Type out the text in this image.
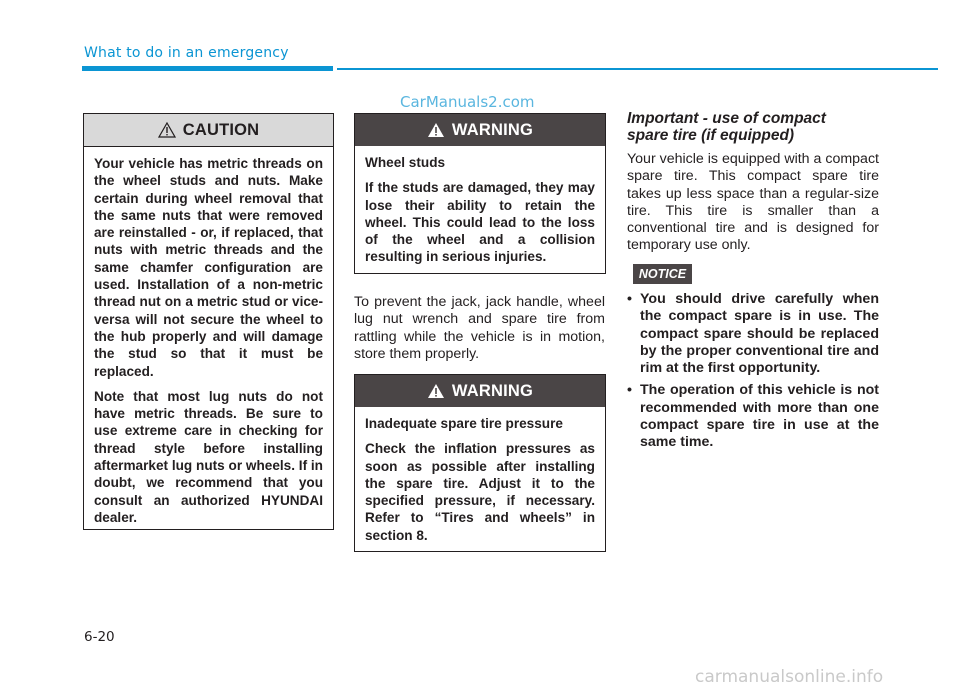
What to do in an emergency
CarManuals2.com
CAUTION

Your vehicle has metric threads on the wheel studs and nuts. Make certain during wheel removal that the same nuts that were removed are reinstalled - or, if replaced, that nuts with metric threads and the same chamfer configuration are used. Installation of a non-metric thread nut on a metric stud or vice-versa will not secure the wheel to the hub properly and will damage the stud so that it must be replaced.

Note that most lug nuts do not have metric threads. Be sure to use extreme care in checking for thread style before installing aftermarket lug nuts or wheels. If in doubt, we recommend that you consult an authorized HYUNDAI dealer.

WARNING

Wheel studs

If the studs are damaged, they may lose their ability to retain the wheel. This could lead to the loss of the wheel and a collision resulting in serious injuries.

To prevent the jack, jack handle, wheel lug nut wrench and spare tire from rattling while the vehicle is in motion, store them properly.
WARNING

Inadequate spare tire pressure

Check the inflation pressures as soon as possible after installing the spare tire. Adjust it to the specified pressure, if necessary. Refer to “Tires and wheels” in section 8.

Important - use of compact
spare tire (if equipped)
Your vehicle is equipped with a compact spare tire. This compact spare tire takes up less space than a regular-size tire. This tire is smaller than a conventional tire and is designed for temporary use only.
NOTICE
• You should drive carefully when the compact spare is in use. The compact spare should be replaced by the proper conventional tire and rim at the first opportunity.
• The operation of this vehicle is not recommended with more than one compact spare tire in use at the same time.
6-20
carmanualsonline.info
